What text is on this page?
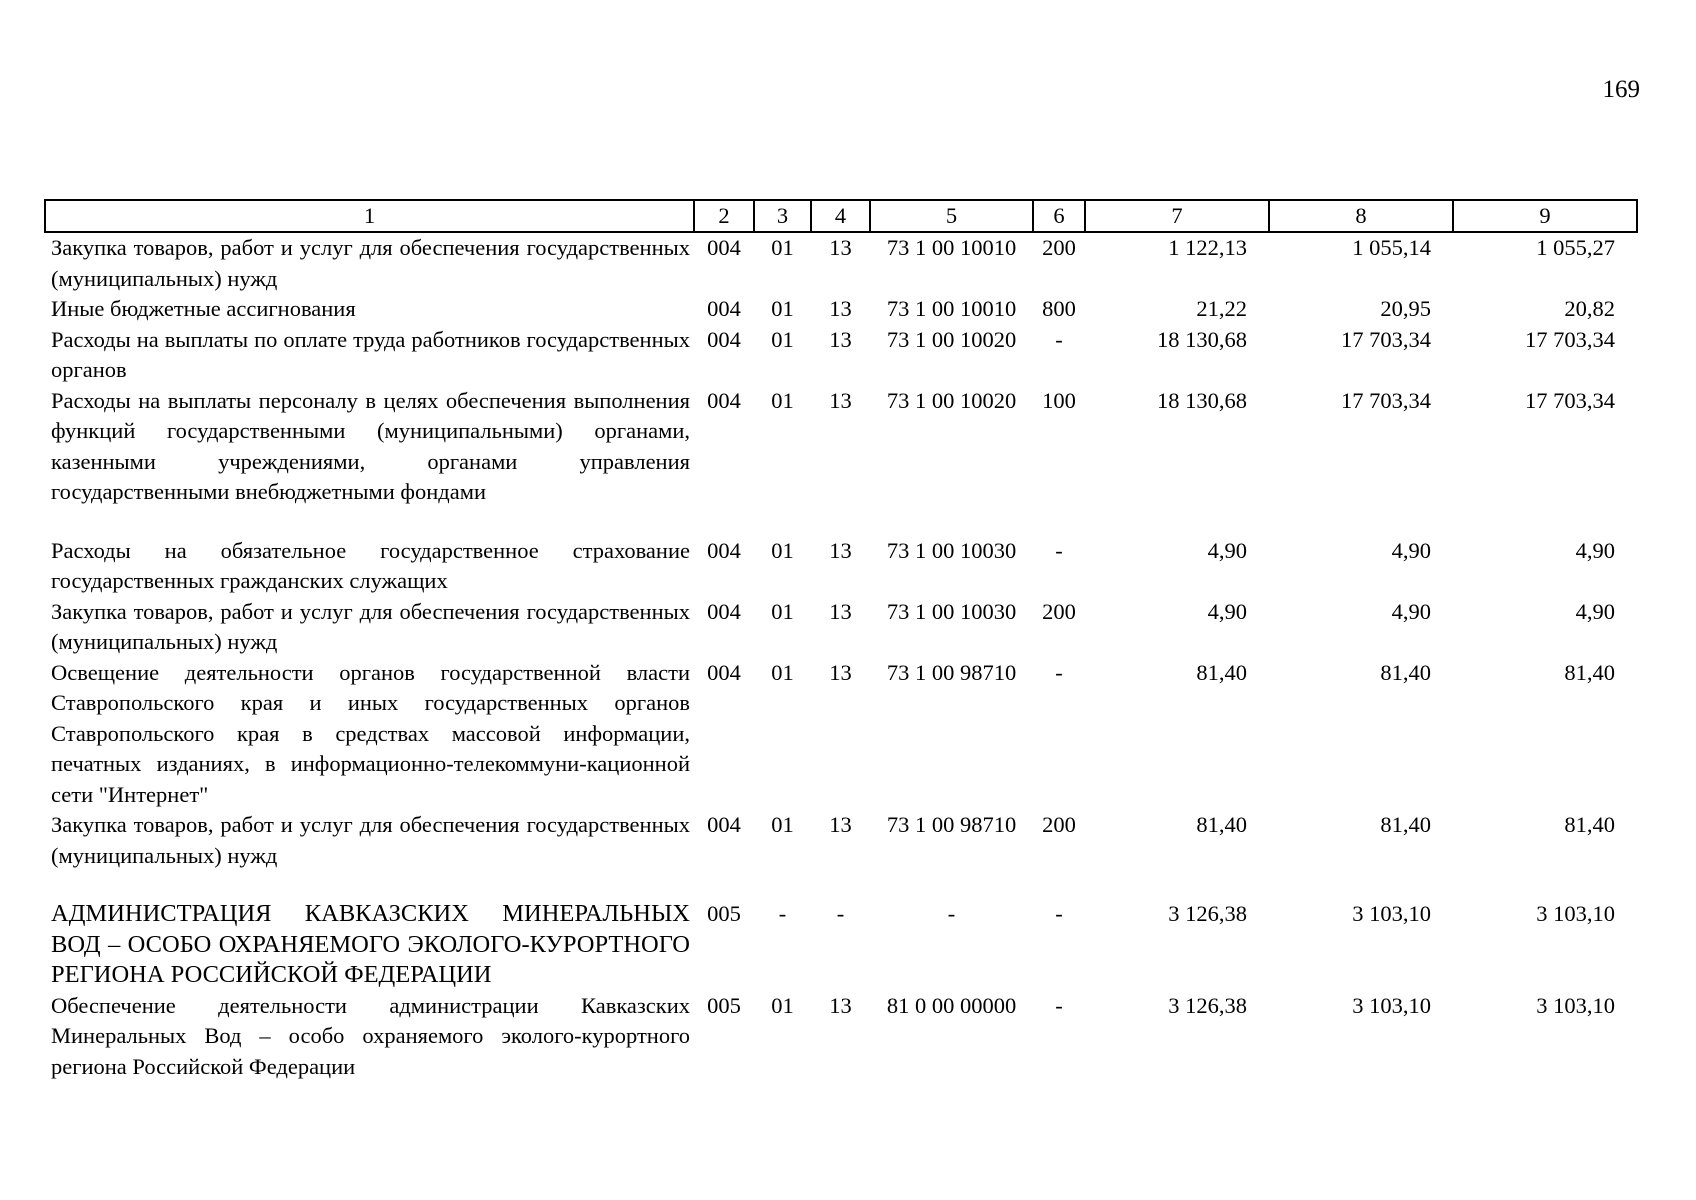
169
1	2	3	4	5	6	7	8	9
Закупка товаров, работ и услуг для обеспечения государственных (муниципальных) нужд	004	01	13	73 1 00 10010	200	1 122,13	1 055,14	1 055,27
Иные бюджетные ассигнования	004	01	13	73 1 00 10010	800	21,22	20,95	20,82
Расходы на выплаты по оплате труда работников государственных органов	004	01	13	73 1 00 10020	-	18 130,68	17 703,34	17 703,34
Расходы на выплаты персоналу в целях обеспечения выполнения функций государственными (муниципальными) органами, казенными учреждениями, органами управления государственными внебюджетными фондами	004	01	13	73 1 00 10020	100	18 130,68	17 703,34	17 703,34

Расходы на обязательное государственное страхование государственных гражданских служащих	004	01	13	73 1 00 10030	-	4,90	4,90	4,90
Закупка товаров, работ и услуг для обеспечения государственных (муниципальных) нужд	004	01	13	73 1 00 10030	200	4,90	4,90	4,90
Освещение деятельности органов государственной власти Ставропольского края и иных государственных органов Ставропольского края в средствах массовой информации, печатных изданиях, в информационно-телекоммуни-кационной сети "Интернет"	004	01	13	73 1 00 98710	-	81,40	81,40	81,40
Закупка товаров, работ и услуг для обеспечения государственных (муниципальных) нужд	004	01	13	73 1 00 98710	200	81,40	81,40	81,40

АДМИНИСТРАЦИЯ КАВКАЗСКИХ МИНЕРАЛЬНЫХ ВОД – ОСОБО ОХРАНЯЕМОГО ЭКОЛОГО-КУРОРТНОГО РЕГИОНА РОССИЙСКОЙ ФЕДЕРАЦИИ	005	-	-	-	-	3 126,38	3 103,10	3 103,10
Обеспечение деятельности администрации Кавказских Минеральных Вод – особо охраняемого эколого-курортного региона Российской Федерации	005	01	13	81 0 00 00000	-	3 126,38	3 103,10	3 103,10
